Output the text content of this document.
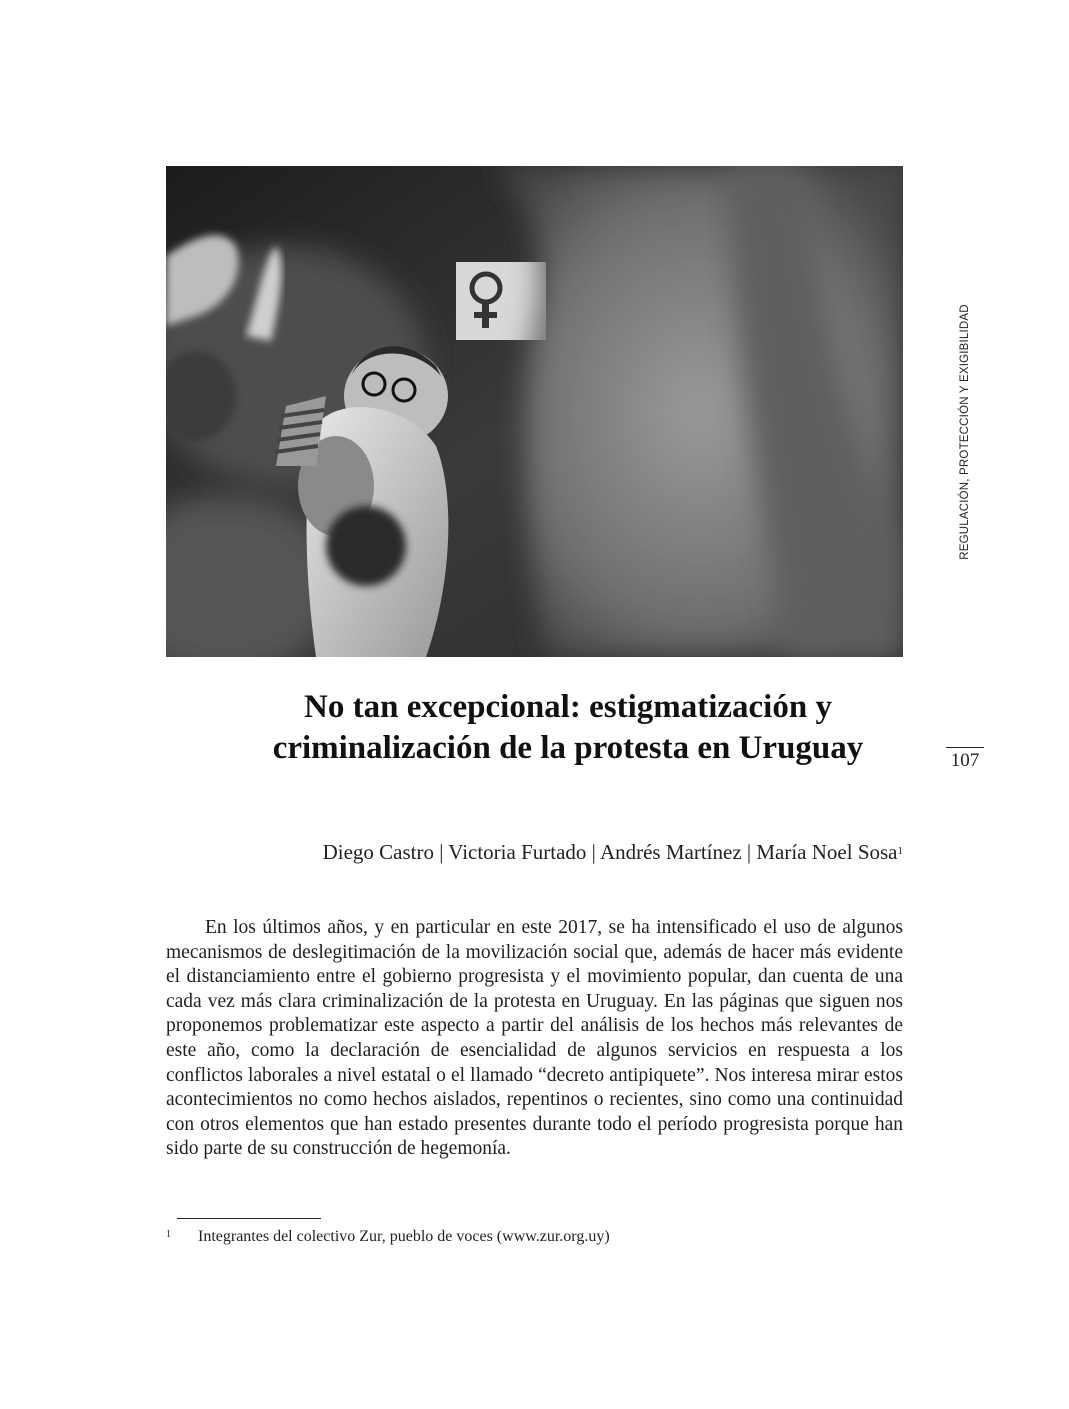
REGULACIÓN, PROTECCIÓN Y EXIGIBILIDAD
107
No tan excepcional: estigmatización y
criminalización de la protesta en Uruguay
Diego Castro | Victoria Furtado | Andrés Martínez | María Noel Sosa$^1$

En los últimos años, y en particular en este 2017, se ha intensificado el uso de algunos mecanismos de deslegitimación de la movilización social que, además de hacer más evidente el distanciamiento entre el gobierno progresista y el movimiento popular, dan cuenta de una cada vez más clara criminalización de la protesta en Uruguay. En las páginas que siguen nos proponemos problematizar este aspecto a partir del análisis de los hechos más relevantes de este año, como la declaración de esencialidad de algunos servicios en respuesta a los conflictos laborales a nivel estatal o el llamado “decreto antipiquete”. Nos interesa mirar estos acontecimientos no como hechos aislados, repentinos o recientes, sino como una continuidad con otros elementos que han estado presentes durante todo el período progresista porque han sido parte de su construcción de hegemonía.

1 Integrantes del colectivo Zur, pueblo de voces (www.zur.org.uy)
